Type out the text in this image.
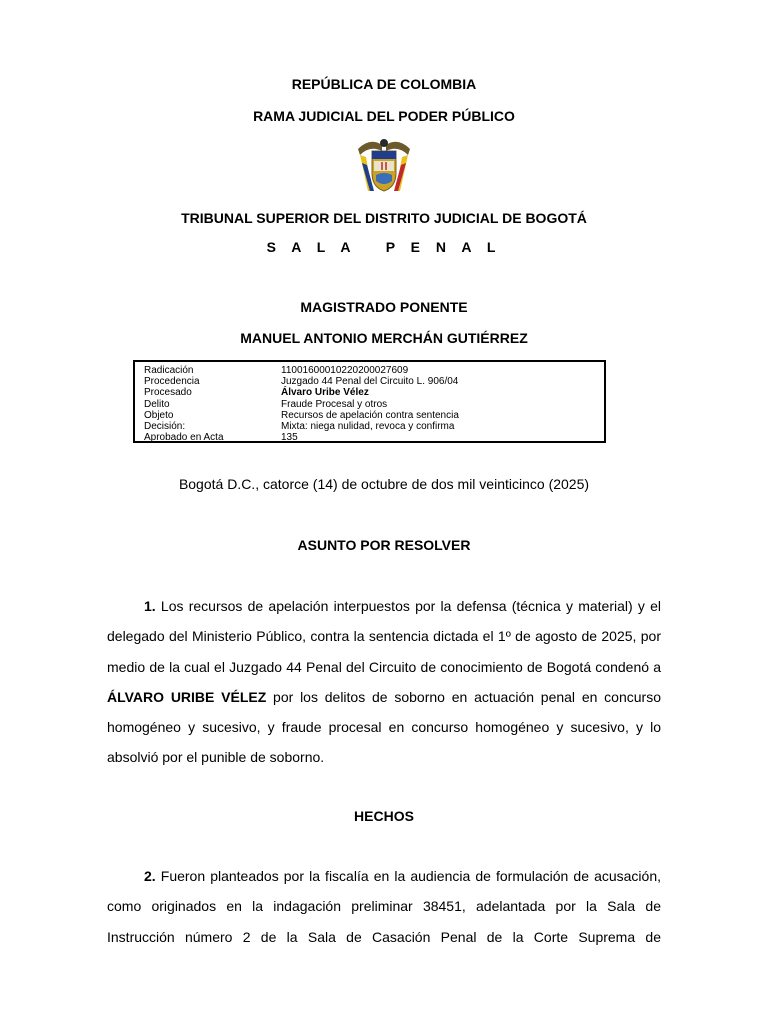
REPÚBLICA DE COLOMBIA
RAMA JUDICIAL DEL PODER PÚBLICO
TRIBUNAL SUPERIOR DEL DISTRITO JUDICIAL DE BOGOTÁ
S A L A   P E N A L
MAGISTRADO PONENTE
MANUEL ANTONIO MERCHÁN GUTIÉRREZ
Radicación	11001600010220200027609
Procedencia	Juzgado 44 Penal del Circuito L. 906/04
Procesado	Álvaro Uribe Vélez
Delito	Fraude Procesal y otros
Objeto	Recursos de apelación contra sentencia
Decisión:	Mixta: niega nulidad, revoca y confirma
Aprobado en Acta	135
Bogotá D.C., catorce (14) de octubre de dos mil veinticinco (2025)
ASUNTO POR RESOLVER
1. Los recursos de apelación interpuestos por la defensa (técnica y material) y el delegado del Ministerio Público, contra la sentencia dictada el 1º de agosto de 2025, por medio de la cual el Juzgado 44 Penal del Circuito de conocimiento de Bogotá condenó a ÁLVARO URIBE VÉLEZ por los delitos de soborno en actuación penal en concurso homogéneo y sucesivo, y fraude procesal en concurso homogéneo y sucesivo, y lo absolvió por el punible de soborno.
HECHOS
2. Fueron planteados por la fiscalía en la audiencia de formulación de acusación, como originados en la indagación preliminar 38451, adelantada por la Sala de Instrucción número 2 de la Sala de Casación Penal de la Corte Suprema de
